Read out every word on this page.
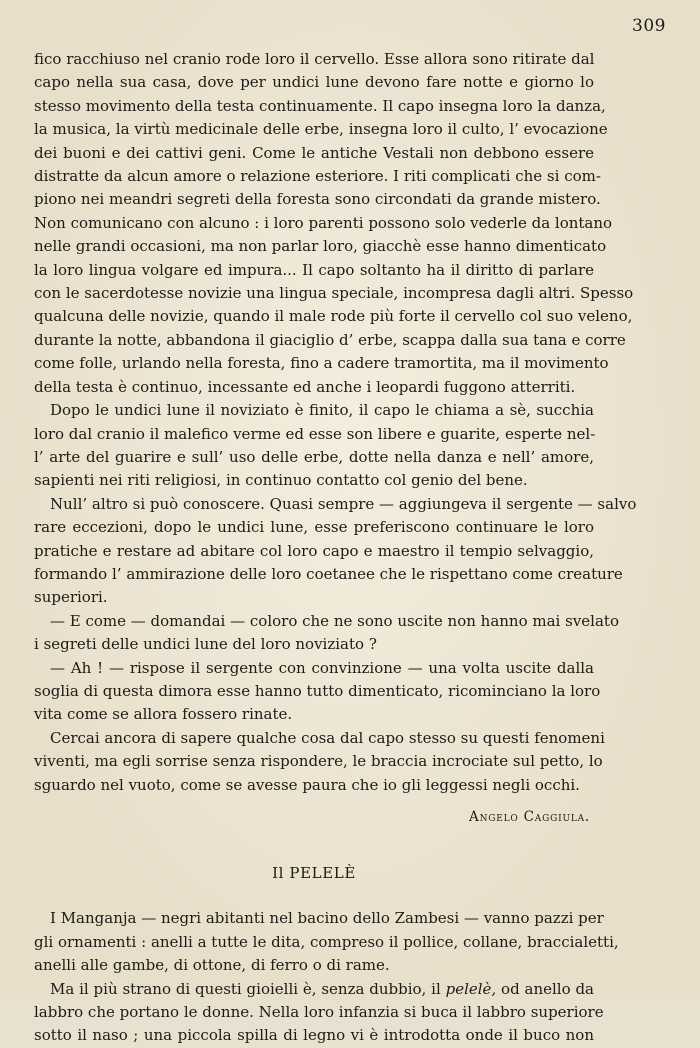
309
fico racchiuso nel cranio rode loro il cervello. Esse allora sono ritirate dal
capo nella sua casa, dove per undici lune devono fare notte e giorno lo
stesso movimento della testa continuamente. Il capo insegna loro la danza,
la musica, la virtù medicinale delle erbe, insegna loro il culto, l’ evocazione
dei buoni e dei cattivi geni. Come le antiche Vestali non debbono essere
distratte da alcun amore o relazione esteriore. I riti complicati che si com-
piono nei meandri segreti della foresta sono circondati da grande mistero.
Non comunicano con alcuno : i loro parenti possono solo vederle da lontano
nelle grandi occasioni, ma non parlar loro, giacchè esse hanno dimenticato
la loro lingua volgare ed impura... Il capo soltanto ha il diritto di parlare
con le sacerdotesse novizie una lingua speciale, incompresa dagli altri. Spesso
qualcuna delle novizie, quando il male rode più forte il cervello col suo veleno,
durante la notte, abbandona il giaciglio d’ erbe, scappa dalla sua tana e corre
come folle, urlando nella foresta, fino a cadere tramortita, ma il movimento
della testa è continuo, incessante ed anche i leopardi fuggono atterriti.
Dopo le undici lune il noviziato è finito, il capo le chiama a sè, succhia
loro dal cranio il malefico verme ed esse son libere e guarite, esperte nel-
l’ arte del guarire e sull’ uso delle erbe, dotte nella danza e nell’ amore,
sapienti nei riti religiosi, in continuo contatto col genio del bene.
Null’ altro si può conoscere. Quasi sempre — aggiungeva il sergente — salvo
rare eccezioni, dopo le undici lune, esse preferiscono continuare le loro
pratiche e restare ad abitare col loro capo e maestro il tempio selvaggio,
formando l’ ammirazione delle loro coetanee che le rispettano come creature
superiori.
— E come — domandai — coloro che ne sono uscite non hanno mai svelato
i segreti delle undici lune del loro noviziato ?
— Ah ! — rispose il sergente con convinzione — una volta uscite dalla
soglia di questa dimora esse hanno tutto dimenticato, ricominciano la loro
vita come se allora fossero rinate.
Cercai ancora di sapere qualche cosa dal capo stesso su questi fenomeni
viventi, ma egli sorrise senza rispondere, le braccia incrociate sul petto, lo
sguardo nel vuoto, come se avesse paura che io gli leggessi negli occhi.
Angelo Caggiula.
Il PELELÈ
I Manganja — negri abitanti nel bacino dello Zambesi — vanno pazzi per
gli ornamenti : anelli a tutte le dita, compreso il pollice, collane, braccialetti,
anelli alle gambe, di ottone, di ferro o di rame.
Ma il più strano di questi gioielli è, senza dubbio, il pelelè, od anello da
labbro che portano le donne. Nella loro infanzia si buca il labbro superiore
sotto il naso ; una piccola spilla di legno vi è introdotta onde il buco non
